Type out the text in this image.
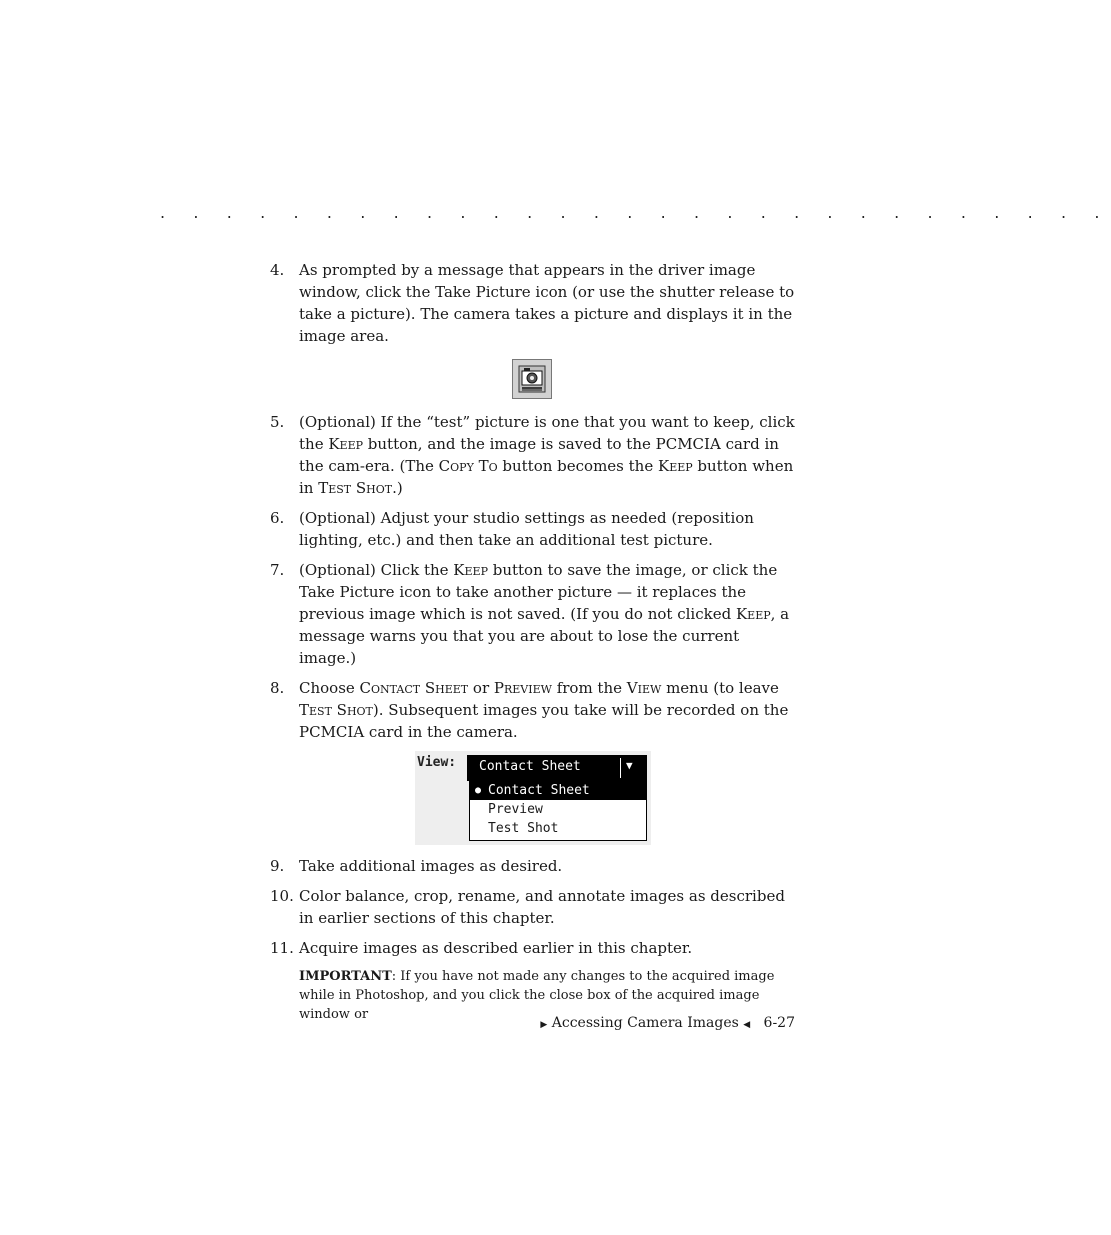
. . . . . . . . . . . . . . . . . . . . . . . . . . . . .
4. As prompted by a message that appears in the driver image window, click the Take Picture icon (or use the shutter release to take a picture). The camera takes a picture and displays it in the image area.
5. (Optional) If the “test” picture is one that you want to keep, click the Keep button, and the image is saved to the PCMCIA card in the cam-era. (The Copy To button becomes the Keep button when in Test Shot.)
6. (Optional) Adjust your studio settings as needed (reposition lighting, etc.) and then take an additional test picture.
7. (Optional) Click the Keep button to save the image, or click the Take Picture icon to take another picture — it replaces the previous image which is not saved. (If you do not clicked Keep, a message warns you that you are about to lose the current image.)
8. Choose Contact Sheet or Preview from the View menu (to leave Test Shot). Subsequent images you take will be recorded on the PCMCIA card in the camera.
View: Contact Sheet	▼
● Contact Sheet
Preview
Test Shot
9. Take additional images as desired.
10. Color balance, crop, rename, and annotate images as described in earlier sections of this chapter.
11. Acquire images as described earlier in this chapter.
IMPORTANT: If you have not made any changes to the acquired image while in Photoshop, and you click the close box of the acquired image window or
▶ Accessing Camera Images ◀ 6-27
